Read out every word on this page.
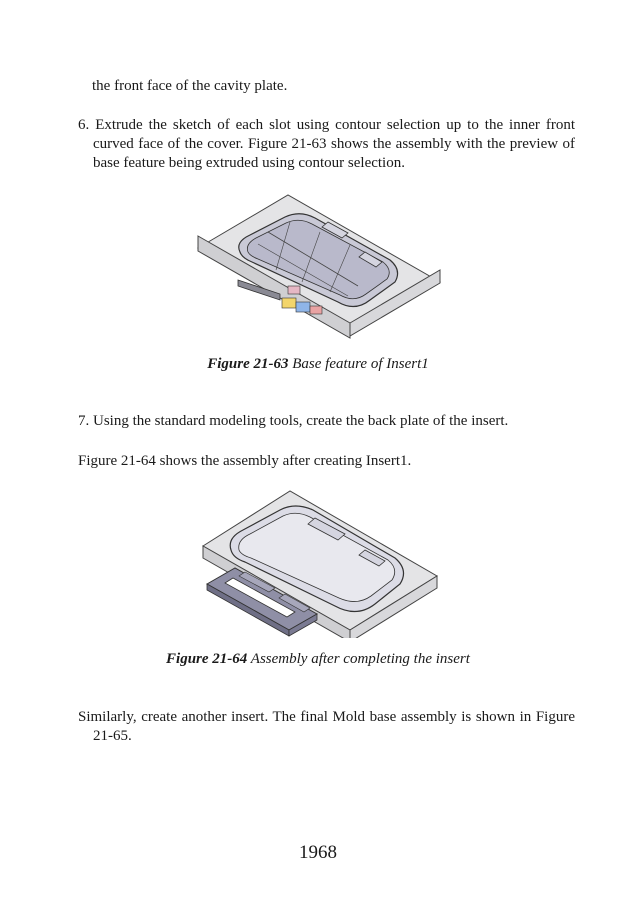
the front face of the cavity plate.

6. Extrude the sketch of each slot using contour selection up to the inner front curved face of the cover. Figure 21-63 shows the assembly with the preview of base feature being extruded using contour selection.

Figure 21-63 Base feature of Insert1

7. Using the standard modeling tools, create the back plate of the insert.

Figure 21-64 shows the assembly after creating Insert1.

Figure 21-64 Assembly after completing the insert

Similarly, create another insert. The final Mold base assembly is shown in Figure 21-65.

1968
